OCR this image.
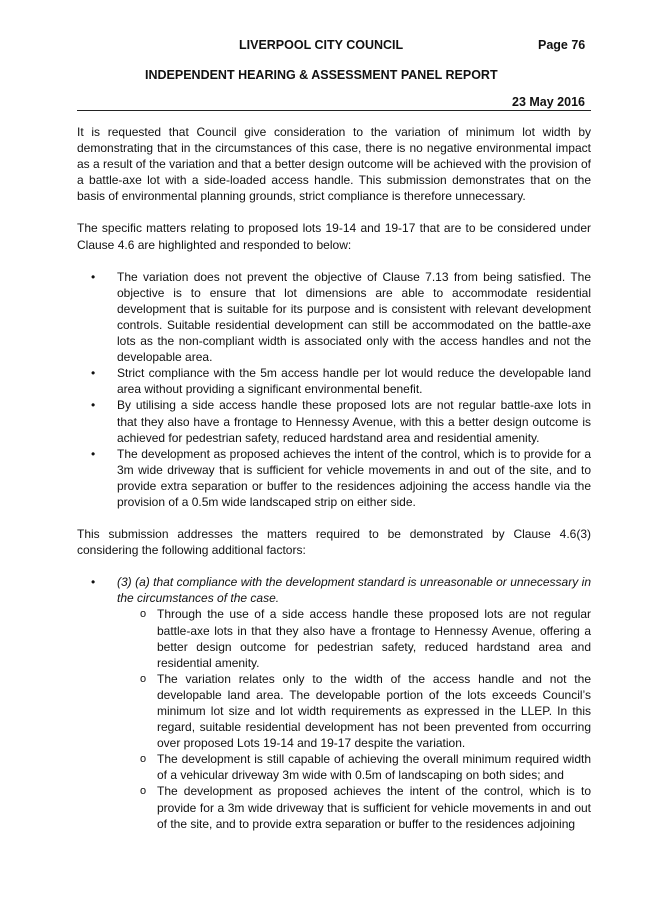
LIVERPOOL CITY COUNCIL	Page 76
INDEPENDENT HEARING & ASSESSMENT PANEL REPORT
23 May 2016

It is requested that Council give consideration to the variation of minimum lot width by demonstrating that in the circumstances of this case, there is no negative environmental impact as a result of the variation and that a better design outcome will be achieved with the provision of a battle-axe lot with a side-loaded access handle. This submission demonstrates that on the basis of environmental planning grounds, strict compliance is therefore unnecessary.

The specific matters relating to proposed lots 19-14 and 19-17 that are to be considered under Clause 4.6 are highlighted and responded to below:

• The variation does not prevent the objective of Clause 7.13 from being satisfied. The objective is to ensure that lot dimensions are able to accommodate residential development that is suitable for its purpose and is consistent with relevant development controls. Suitable residential development can still be accommodated on the battle-axe lots as the non-compliant width is associated only with the access handles and not the developable area.
• Strict compliance with the 5m access handle per lot would reduce the developable land area without providing a significant environmental benefit.
• By utilising a side access handle these proposed lots are not regular battle-axe lots in that they also have a frontage to Hennessy Avenue, with this a better design outcome is achieved for pedestrian safety, reduced hardstand area and residential amenity.
• The development as proposed achieves the intent of the control, which is to provide for a 3m wide driveway that is sufficient for vehicle movements in and out of the site, and to provide extra separation or buffer to the residences adjoining the access handle via the provision of a 0.5m wide landscaped strip on either side.

This submission addresses the matters required to be demonstrated by Clause 4.6(3) considering the following additional factors:

• (3) (a) that compliance with the development standard is unreasonable or unnecessary in the circumstances of the case.
o Through the use of a side access handle these proposed lots are not regular battle-axe lots in that they also have a frontage to Hennessy Avenue, offering a better design outcome for pedestrian safety, reduced hardstand area and residential amenity.
o The variation relates only to the width of the access handle and not the developable land area. The developable portion of the lots exceeds Council’s minimum lot size and lot width requirements as expressed in the LLEP. In this regard, suitable residential development has not been prevented from occurring over proposed Lots 19-14 and 19-17 despite the variation.
o The development is still capable of achieving the overall minimum required width of a vehicular driveway 3m wide with 0.5m of landscaping on both sides; and
o The development as proposed achieves the intent of the control, which is to provide for a 3m wide driveway that is sufficient for vehicle movements in and out of the site, and to provide extra separation or buffer to the residences adjoining
